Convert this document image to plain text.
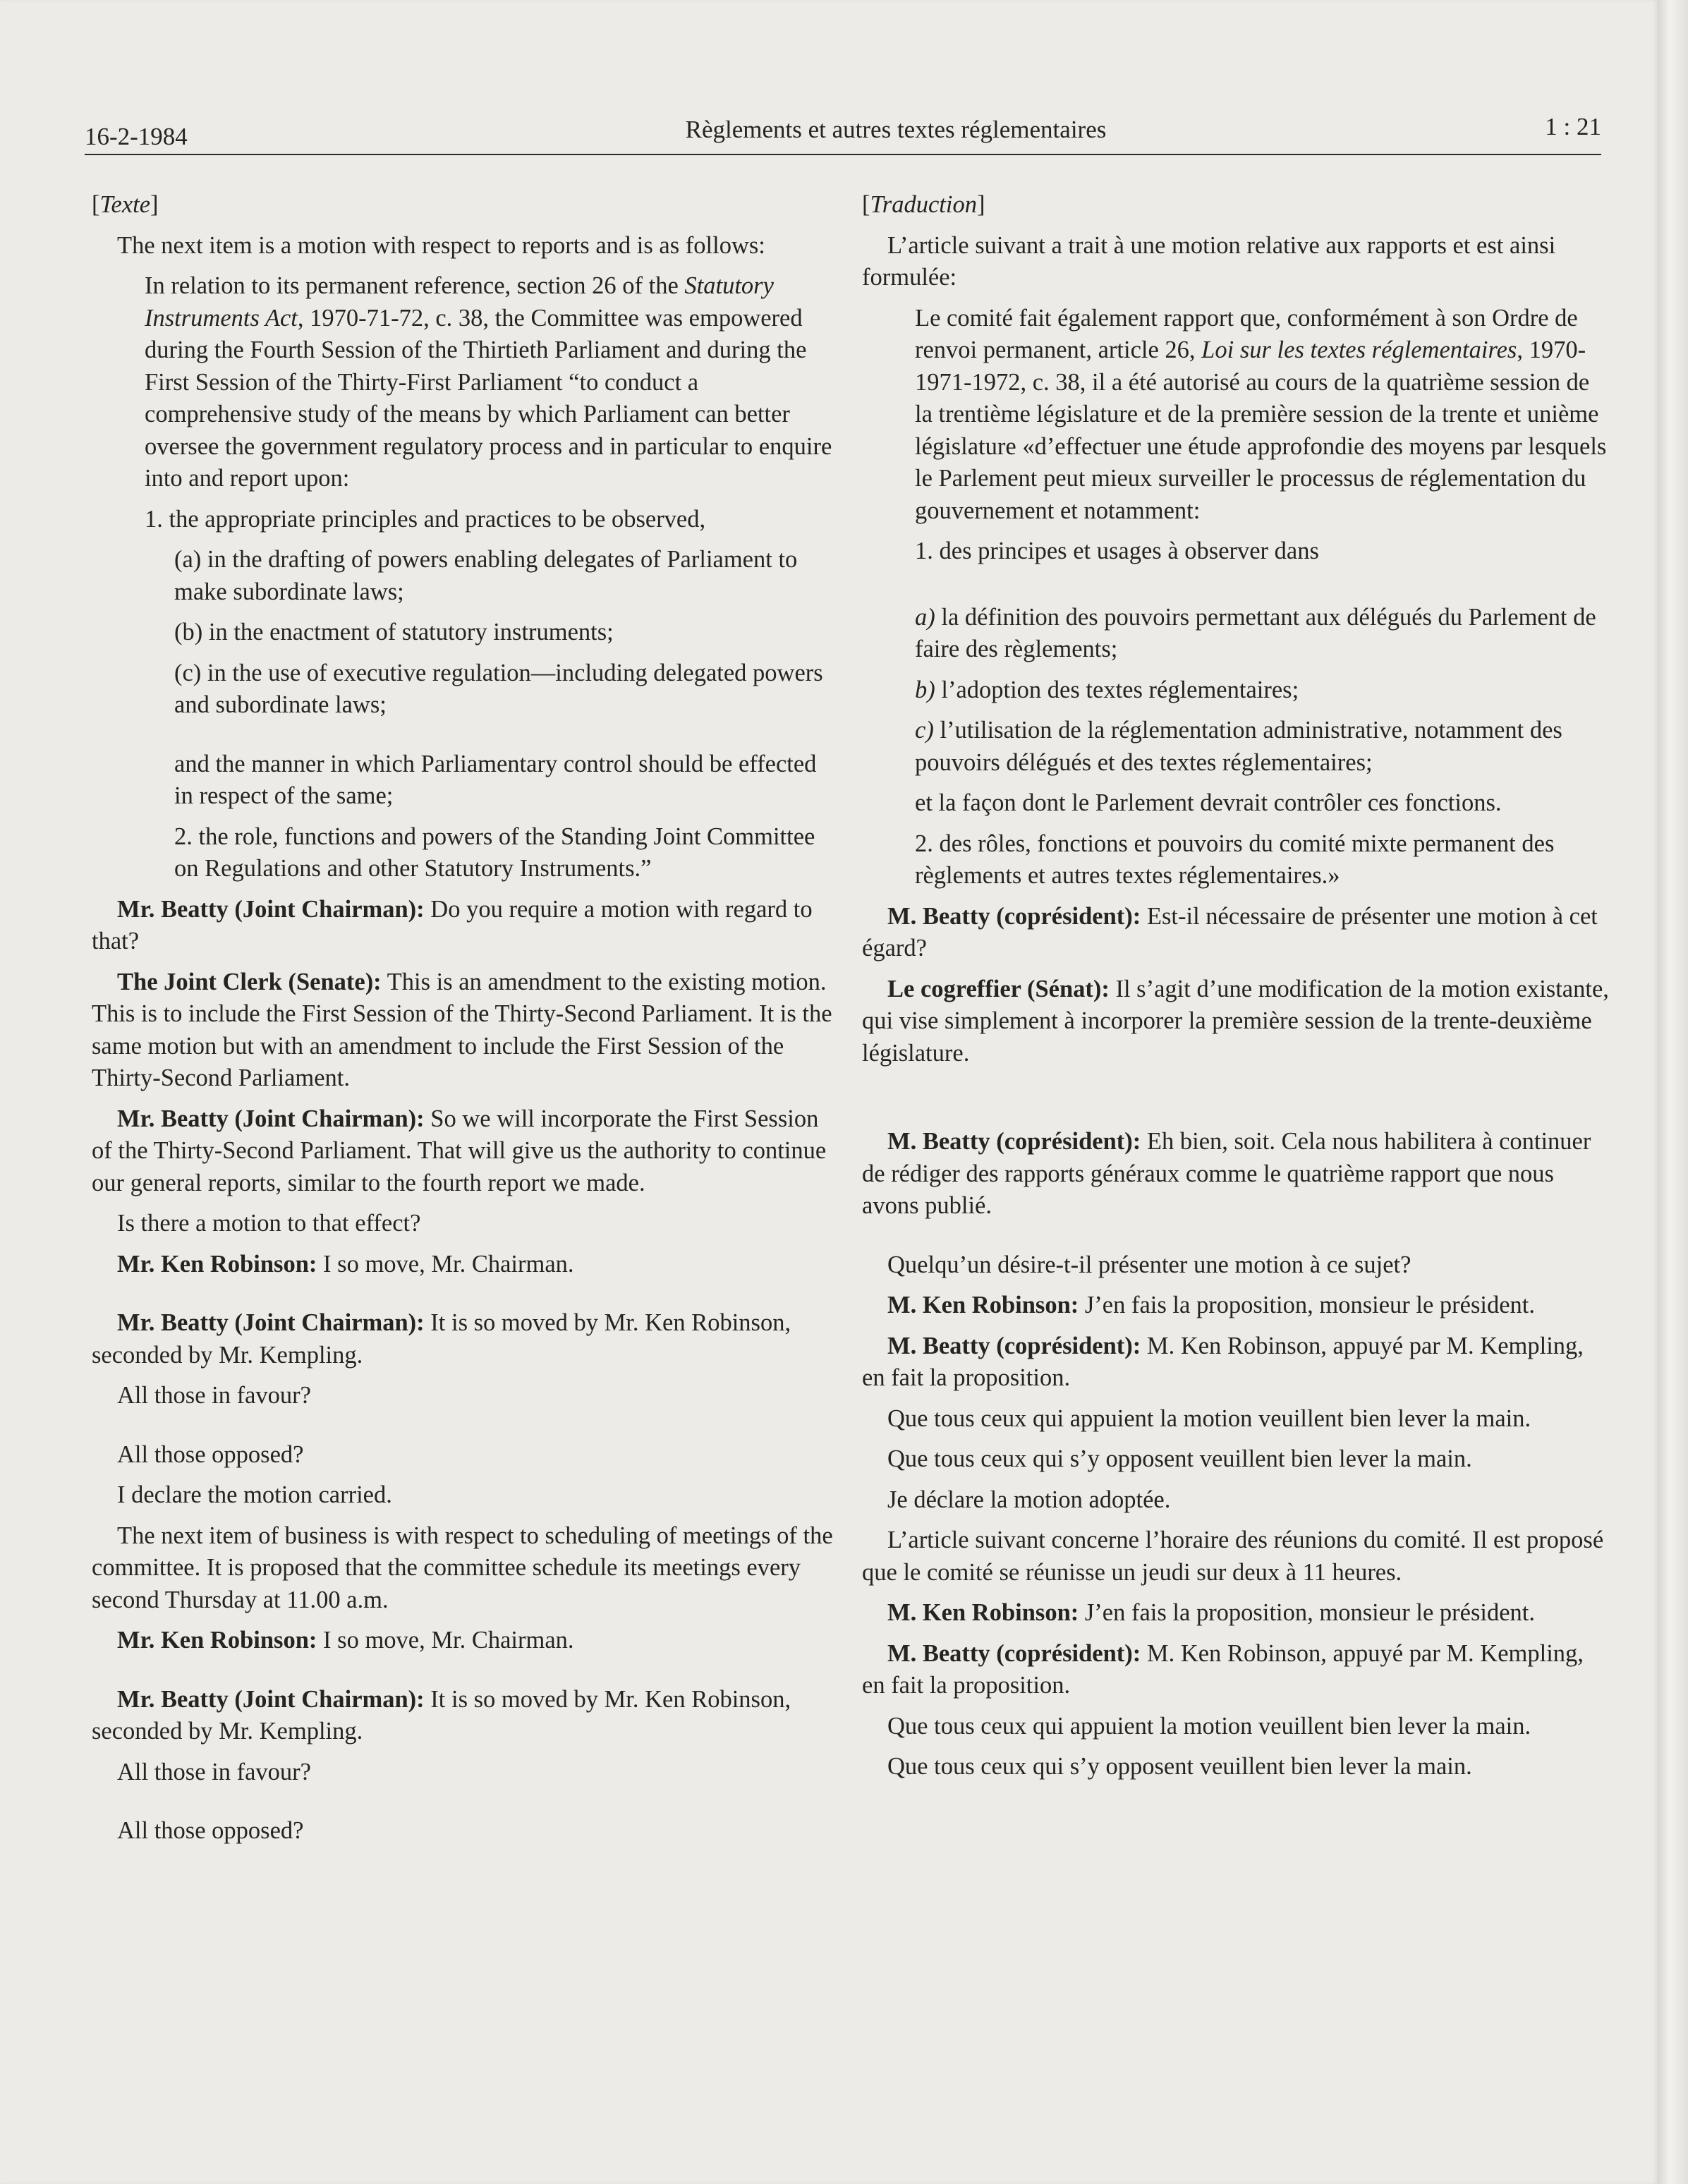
16-2-1984	Règlements et autres textes réglementaires	1 : 21

[Texte]

The next item is a motion with respect to reports and is as follows:

In relation to its permanent reference, section 26 of the Statutory Instruments Act, 1970-71-72, c. 38, the Committee was empowered during the Fourth Session of the Thirtieth Parliament and during the First Session of the Thirty-First Parliament “to conduct a comprehensive study of the means by which Parliament can better oversee the government regulatory process and in particular to enquire into and report upon:

1. the appropriate principles and practices to be observed,

(a) in the drafting of powers enabling delegates of Parliament to make subordinate laws;

(b) in the enactment of statutory instruments;

(c) in the use of executive regulation—including delegated powers and subordinate laws;

and the manner in which Parliamentary control should be effected in respect of the same;

2. the role, functions and powers of the Standing Joint Committee on Regulations and other Statutory Instruments.”

Mr. Beatty (Joint Chairman): Do you require a motion with regard to that?

The Joint Clerk (Senate): This is an amendment to the existing motion. This is to include the First Session of the Thirty-Second Parliament. It is the same motion but with an amendment to include the First Session of the Thirty-Second Parliament.

Mr. Beatty (Joint Chairman): So we will incorporate the First Session of the Thirty-Second Parliament. That will give us the authority to continue our general reports, similar to the fourth report we made.

Is there a motion to that effect?

Mr. Ken Robinson: I so move, Mr. Chairman.

Mr. Beatty (Joint Chairman): It is so moved by Mr. Ken Robinson, seconded by Mr. Kempling.

All those in favour?

All those opposed?

I declare the motion carried.

The next item of business is with respect to scheduling of meetings of the committee. It is proposed that the committee schedule its meetings every second Thursday at 11.00 a.m.

Mr. Ken Robinson: I so move, Mr. Chairman.

Mr. Beatty (Joint Chairman): It is so moved by Mr. Ken Robinson, seconded by Mr. Kempling.

All those in favour?

All those opposed?

[Traduction]

L’article suivant a trait à une motion relative aux rapports et est ainsi formulée:

Le comité fait également rapport que, conformément à son Ordre de renvoi permanent, article 26, Loi sur les textes réglementaires, 1970-1971-1972, c. 38, il a été autorisé au cours de la quatrième session de la trentième législature et de la première session de la trente et unième législature «d’effectuer une étude approfondie des moyens par lesquels le Parlement peut mieux surveiller le processus de réglementation du gouvernement et notamment:

1. des principes et usages à observer dans

a) la définition des pouvoirs permettant aux délégués du Parlement de faire des règlements;

b) l’adoption des textes réglementaires;

c) l’utilisation de la réglementation administrative, notamment des pouvoirs délégués et des textes réglementaires;

et la façon dont le Parlement devrait contrôler ces fonctions.

2. des rôles, fonctions et pouvoirs du comité mixte permanent des règlements et autres textes réglementaires.»

M. Beatty (coprésident): Est-il nécessaire de présenter une motion à cet égard?

Le cogreffier (Sénat): Il s’agit d’une modification de la motion existante, qui vise simplement à incorporer la première session de la trente-deuxième législature.

M. Beatty (coprésident): Eh bien, soit. Cela nous habilitera à continuer de rédiger des rapports généraux comme le quatrième rapport que nous avons publié.

Quelqu’un désire-t-il présenter une motion à ce sujet?

M. Ken Robinson: J’en fais la proposition, monsieur le président.

M. Beatty (coprésident): M. Ken Robinson, appuyé par M. Kempling, en fait la proposition.

Que tous ceux qui appuient la motion veuillent bien lever la main.

Que tous ceux qui s’y opposent veuillent bien lever la main.

Je déclare la motion adoptée.

L’article suivant concerne l’horaire des réunions du comité. Il est proposé que le comité se réunisse un jeudi sur deux à 11 heures.

M. Ken Robinson: J’en fais la proposition, monsieur le président.

M. Beatty (coprésident): M. Ken Robinson, appuyé par M. Kempling, en fait la proposition.

Que tous ceux qui appuient la motion veuillent bien lever la main.

Que tous ceux qui s’y opposent veuillent bien lever la main.
